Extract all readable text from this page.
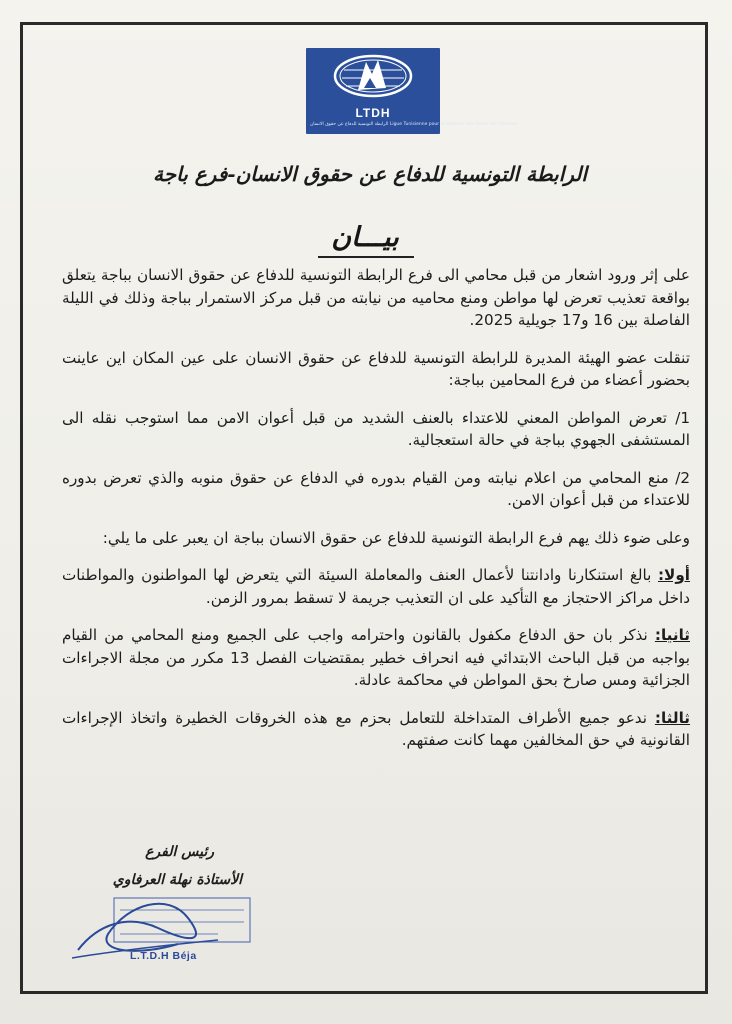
LTDH
الرابطة التونسية للدفاع عن حقوق الانسان Ligue Tunisienne pour la Défense des Droits de l'Homme
الرابطة التونسية للدفاع عن حقوق الانسان-فرع باجة
بيـــان

على إثر ورود اشعار من قبل محامي الى فرع الرابطة التونسية للدفاع عن حقوق الانسان بباجة يتعلق بواقعة تعذيب تعرض لها مواطن ومنع محاميه من نيابته من قبل مركز الاستمرار بباجة وذلك في الليلة الفاصلة بين 16 و17 جويلية 2025.

تنقلت عضو الهيئة المديرة للرابطة التونسية للدفاع عن حقوق الانسان على عين المكان اين عاينت بحضور أعضاء من فرع المحامين بباجة:

1/ تعرض المواطن المعني للاعتداء بالعنف الشديد من قبل أعوان الامن مما استوجب نقله الى المستشفى الجهوي بباجة في حالة استعجالية.

2/ منع المحامي من اعلام نيابته ومن القيام بدوره في الدفاع عن حقوق منوبه والذي تعرض بدوره للاعتداء من قبل أعوان الامن.

وعلى ضوء ذلك يهم فرع الرابطة التونسية للدفاع عن حقوق الانسان بباجة ان يعبر على ما يلي:

أولا: بالغ استنكارنا وادانتنا لأعمال العنف والمعاملة السيئة التي يتعرض لها المواطنون والمواطنات داخل مراكز الاحتجاز مع التأكيد على ان التعذيب جريمة لا تسقط بمرور الزمن.

ثانيا: نذكر بان حق الدفاع مكفول بالقانون واحترامه واجب على الجميع ومنع المحامي من القيام بواجبه من قبل الباحث الابتدائي فيه انحراف خطير بمقتضيات الفصل 13 مكرر من مجلة الاجراءات الجزائية ومس صارخ بحق المواطن في محاكمة عادلة.

ثالثا: ندعو جميع الأطراف المتداخلة للتعامل بحزم مع هذه الخروقات الخطيرة واتخاذ الإجراءات القانونية في حق المخالفين مهما كانت صفتهم.

رئيس الفرع
الأستاذة نهلة العرفاوي
L.T.D.H Béja
